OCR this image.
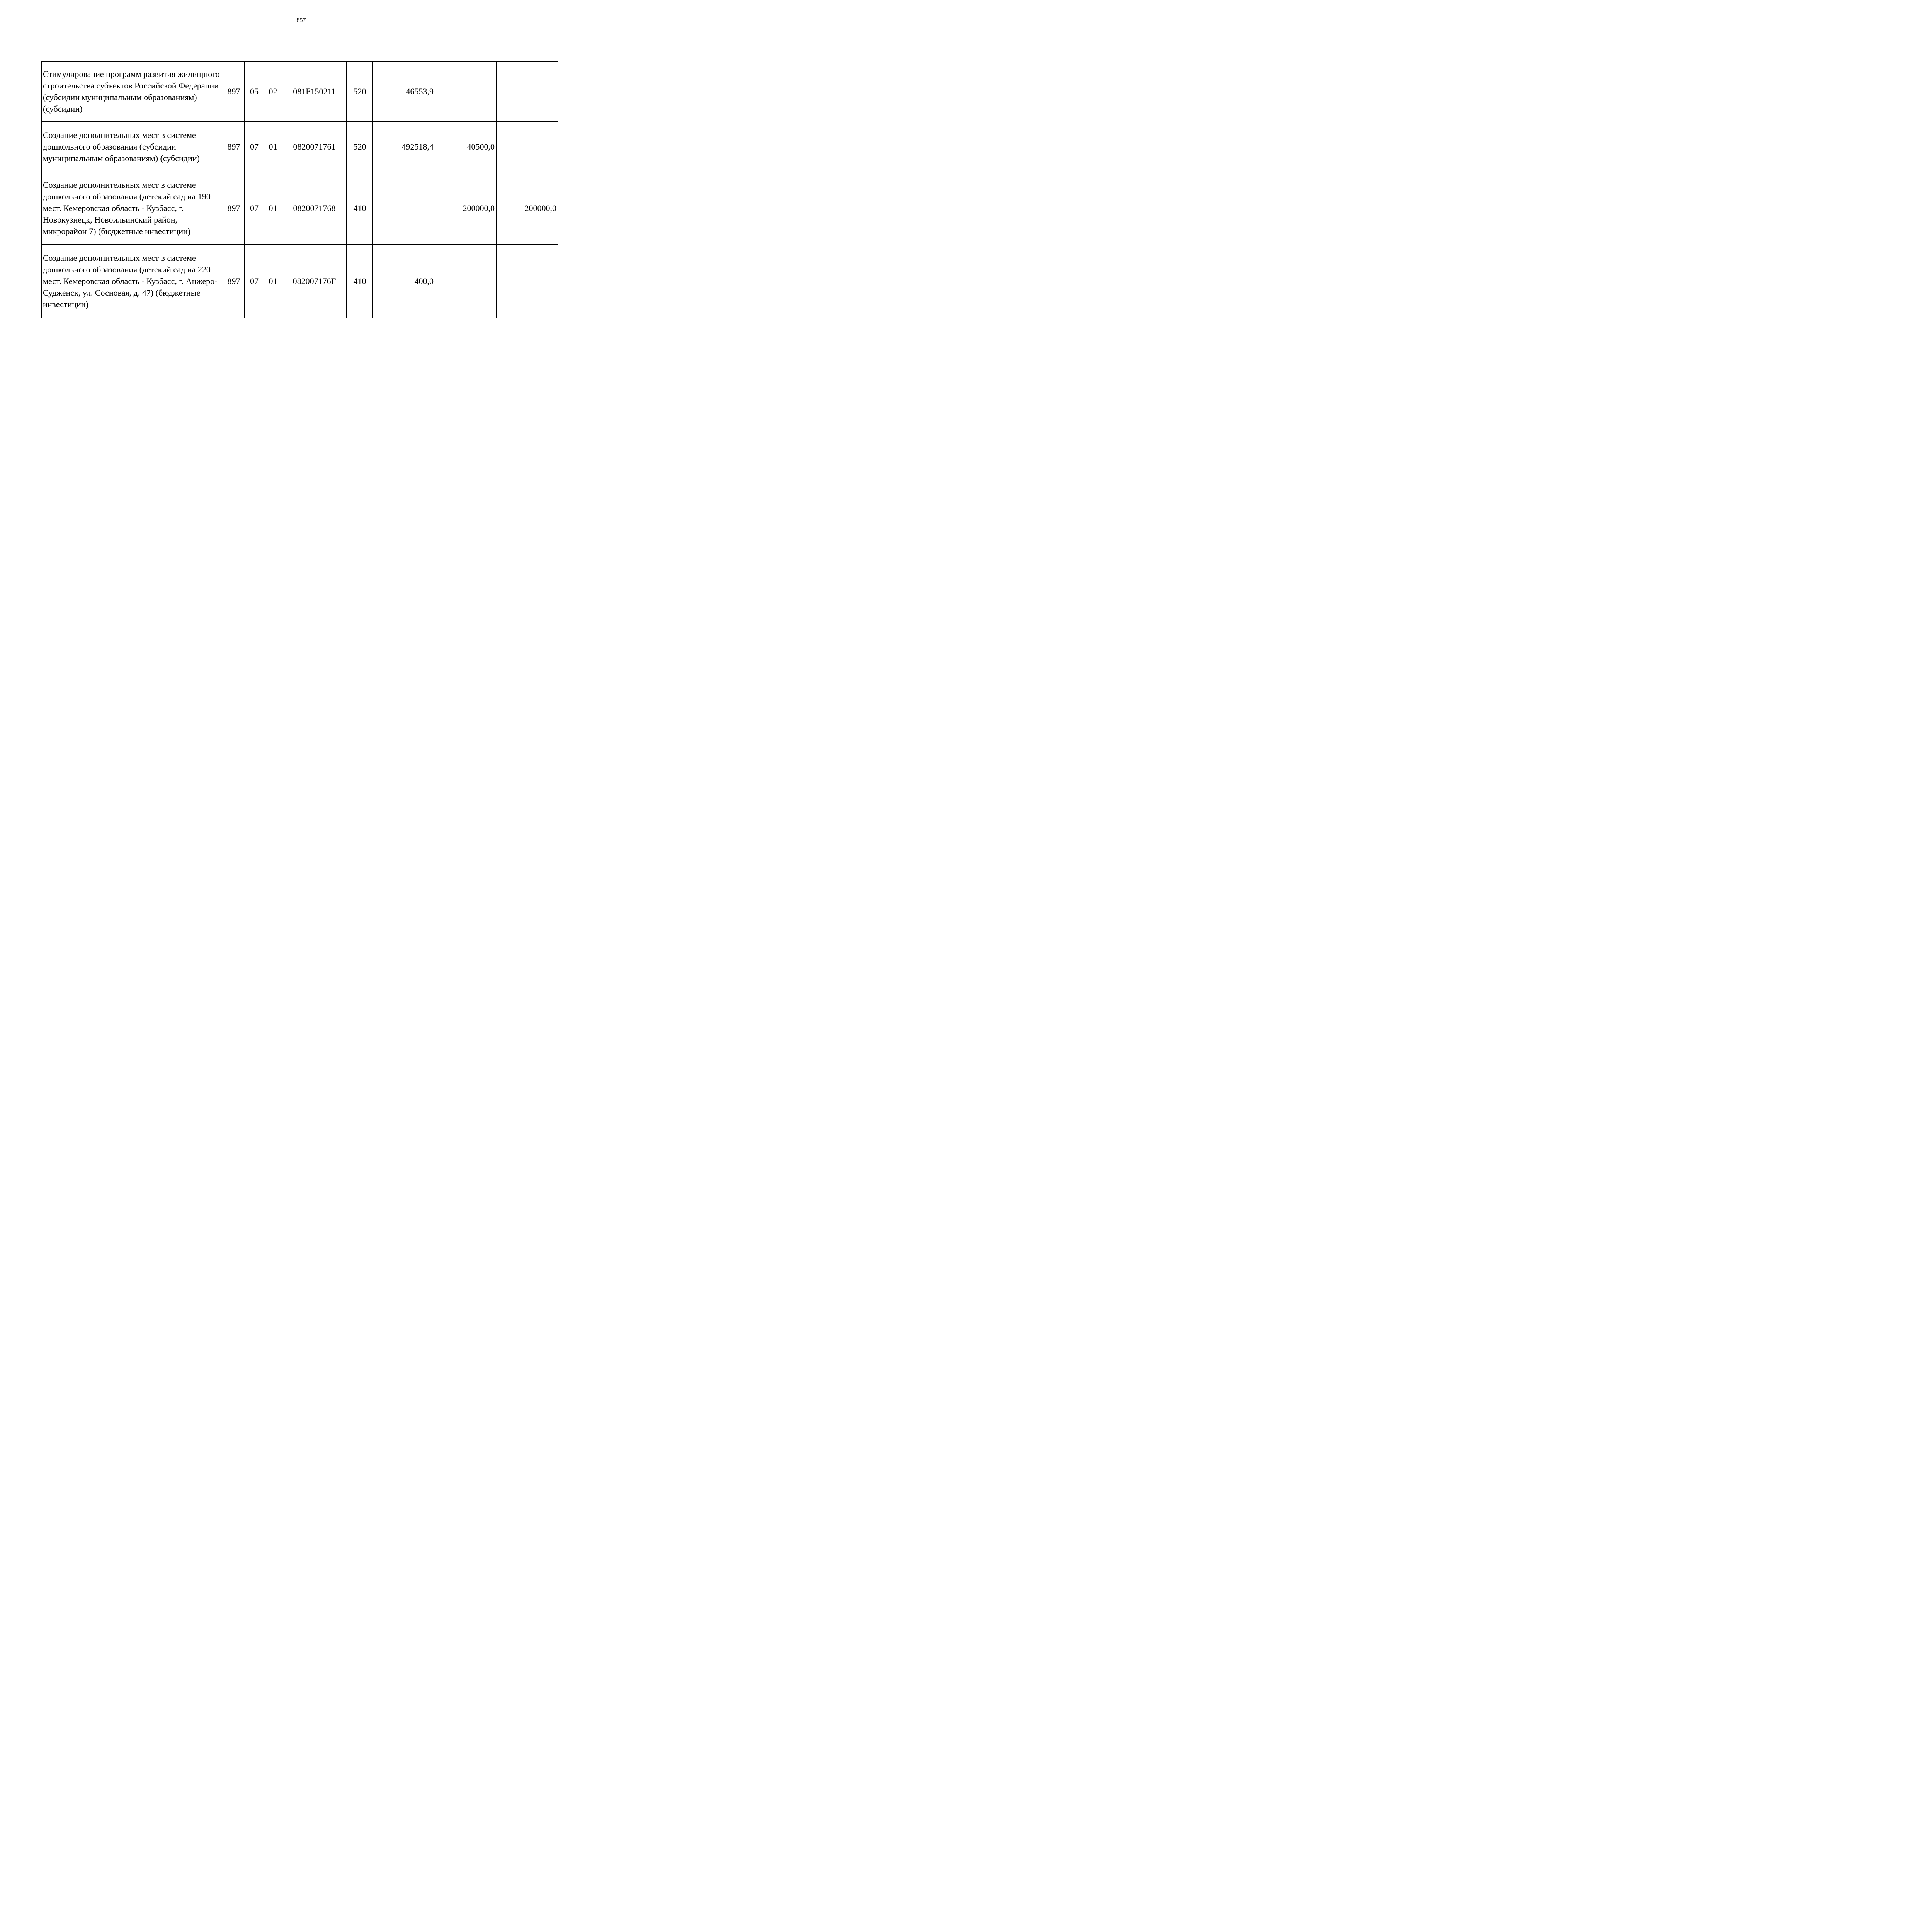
857
Стимулирование программ развития жилищного строительства субъектов Российской Федерации (субсидии муниципальным образованиям) (субсидии)	897	05	02	081F150211	520	46553,9		
Создание дополнительных мест в системе дошкольного образования (субсидии муниципальным образованиям) (субсидии)	897	07	01	0820071761	520	492518,4	40500,0	
Создание дополнительных мест в системе дошкольного образования (детский сад на 190 мест. Кемеровская область - Кузбасс, г. Новокузнецк, Новоильинский район, микрорайон 7) (бюджетные инвестиции)	897	07	01	0820071768	410		200000,0	200000,0
Создание дополнительных мест в системе дошкольного образования (детский сад на 220 мест. Кемеровская область - Кузбасс, г. Анжеро-Судженск, ул. Сосновая, д. 47) (бюджетные инвестиции)	897	07	01	082007176Г	410	400,0		
